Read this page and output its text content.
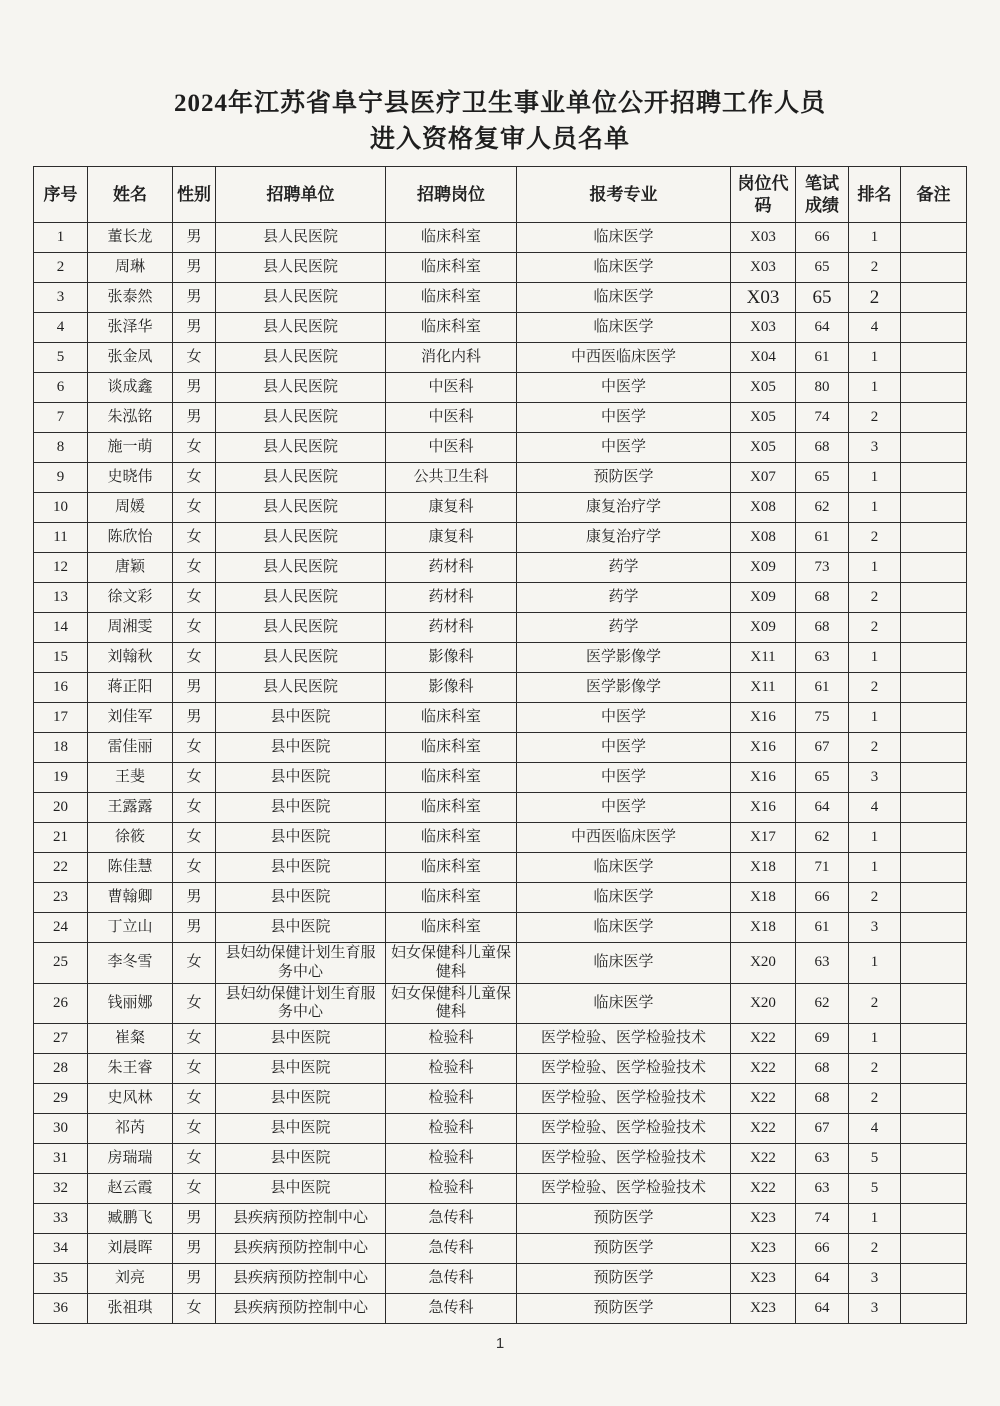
2024年江苏省阜宁县医疗卫生事业单位公开招聘工作人员
进入资格复审人员名单
序号	姓名	性别	招聘单位	招聘岗位	报考专业	岗位代码	笔试成绩	排名	备注
1	董长龙	男	县人民医院	临床科室	临床医学	X03	66	1	
2	周琳	男	县人民医院	临床科室	临床医学	X03	65	2	
3	张泰然	男	县人民医院	临床科室	临床医学	X03	65	2	
4	张泽华	男	县人民医院	临床科室	临床医学	X03	64	4	
5	张金凤	女	县人民医院	消化内科	中西医临床医学	X04	61	1	
6	谈成鑫	男	县人民医院	中医科	中医学	X05	80	1	
7	朱泓铭	男	县人民医院	中医科	中医学	X05	74	2	
8	施一萌	女	县人民医院	中医科	中医学	X05	68	3	
9	史晓伟	女	县人民医院	公共卫生科	预防医学	X07	65	1	
10	周媛	女	县人民医院	康复科	康复治疗学	X08	62	1	
11	陈欣怡	女	县人民医院	康复科	康复治疗学	X08	61	2	
12	唐颖	女	县人民医院	药材科	药学	X09	73	1	
13	徐文彩	女	县人民医院	药材科	药学	X09	68	2	
14	周湘雯	女	县人民医院	药材科	药学	X09	68	2	
15	刘翰秋	女	县人民医院	影像科	医学影像学	X11	63	1	
16	蒋正阳	男	县人民医院	影像科	医学影像学	X11	61	2	
17	刘佳军	男	县中医院	临床科室	中医学	X16	75	1	
18	雷佳丽	女	县中医院	临床科室	中医学	X16	67	2	
19	王斐	女	县中医院	临床科室	中医学	X16	65	3	
20	王露露	女	县中医院	临床科室	中医学	X16	64	4	
21	徐筱	女	县中医院	临床科室	中西医临床医学	X17	62	1	
22	陈佳慧	女	县中医院	临床科室	临床医学	X18	71	1	
23	曹翰卿	男	县中医院	临床科室	临床医学	X18	66	2	
24	丁立山	男	县中医院	临床科室	临床医学	X18	61	3	
25	李冬雪	女	县妇幼保健计划生育服务中心	妇女保健科儿童保健科	临床医学	X20	63	1	
26	钱丽娜	女	县妇幼保健计划生育服务中心	妇女保健科儿童保健科	临床医学	X20	62	2	
27	崔粲	女	县中医院	检验科	医学检验、医学检验技术	X22	69	1	
28	朱王睿	女	县中医院	检验科	医学检验、医学检验技术	X22	68	2	
29	史风林	女	县中医院	检验科	医学检验、医学检验技术	X22	68	2	
30	祁芮	女	县中医院	检验科	医学检验、医学检验技术	X22	67	4	
31	房瑞瑞	女	县中医院	检验科	医学检验、医学检验技术	X22	63	5	
32	赵云霞	女	县中医院	检验科	医学检验、医学检验技术	X22	63	5	
33	臧鹏飞	男	县疾病预防控制中心	急传科	预防医学	X23	74	1	
34	刘晨晖	男	县疾病预防控制中心	急传科	预防医学	X23	66	2	
35	刘亮	男	县疾病预防控制中心	急传科	预防医学	X23	64	3	
36	张祖琪	女	县疾病预防控制中心	急传科	预防医学	X23	64	3	
1
